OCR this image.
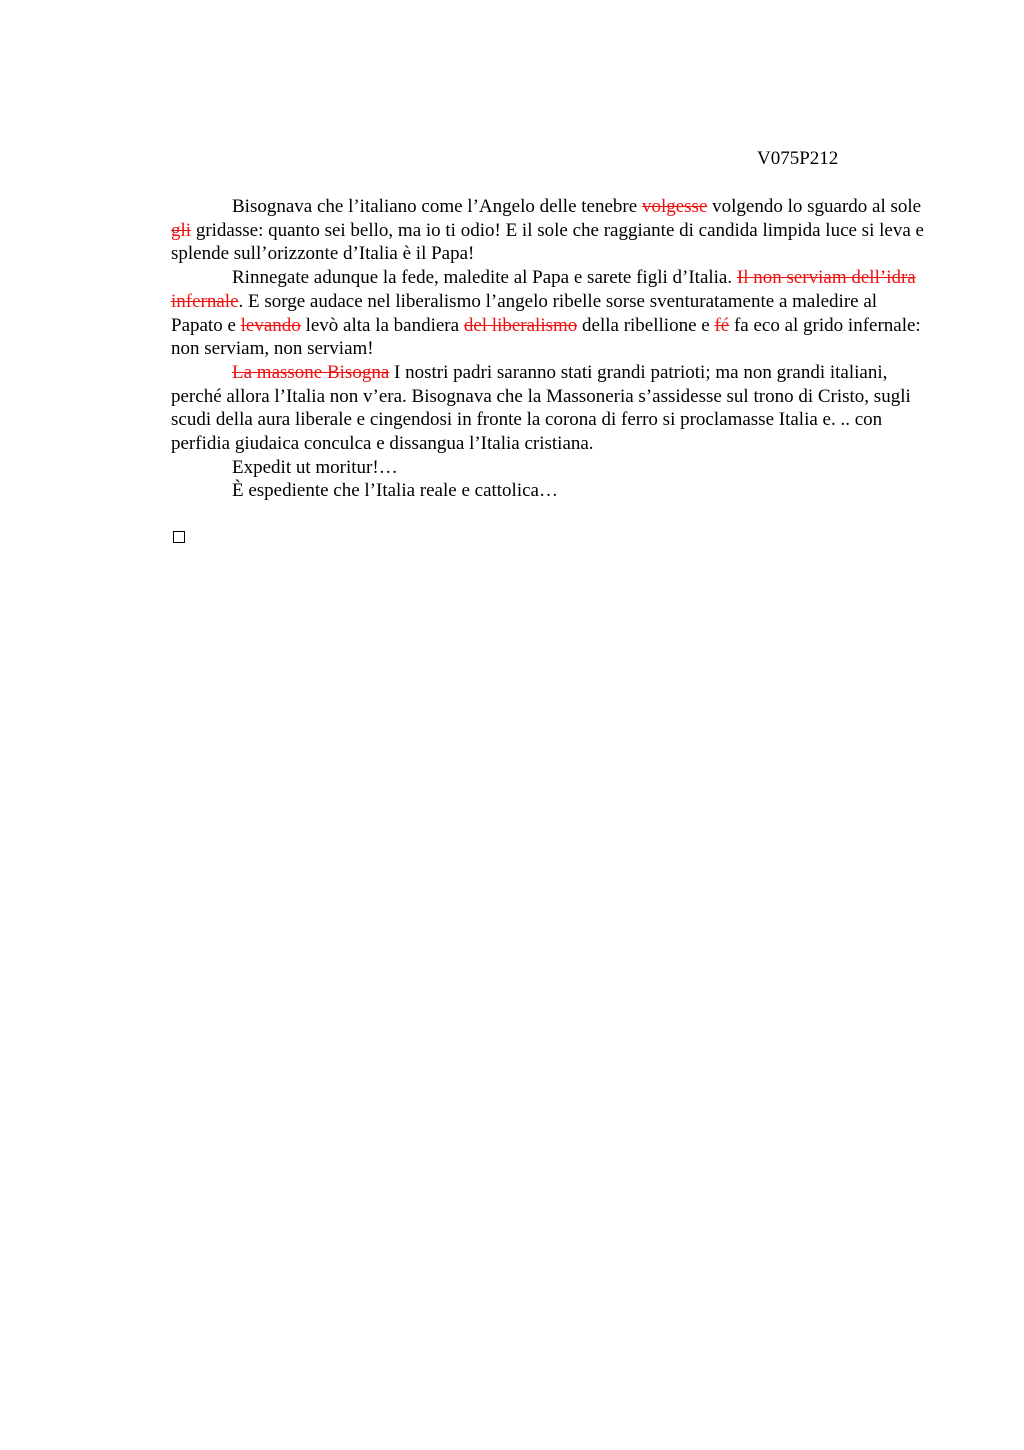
V075P212

Bisognava che l’italiano come l’Angelo delle tenebre volgesse volgendo lo sguardo al sole gli gridasse: quanto sei bello, ma io ti odio! E il sole che raggiante di candida limpida luce si leva e splende sull’orizzonte d’Italia è il Papa!

Rinnegate adunque la fede, maledite al Papa e sarete figli d’Italia. Il non serviam dell’idra infernale. E sorge audace nel liberalismo l’angelo ribelle sorse sventuratamente a maledire al Papato e levando levò alta la bandiera del liberalismo della ribellione e fé fa eco al grido infernale: non serviam, non serviam!

La massone Bisogna I nostri padri saranno stati grandi patrioti; ma non grandi italiani, perché allora l’Italia non v’era. Bisognava che la Massoneria s’assidesse sul trono di Cristo, sugli scudi della aura liberale e cingendosi in fronte la corona di ferro si proclamasse Italia e. .. con perfidia giudaica conculca e dissangua l’Italia cristiana.

Expedit ut moritur!…

È espediente che l’Italia reale e cattolica…
